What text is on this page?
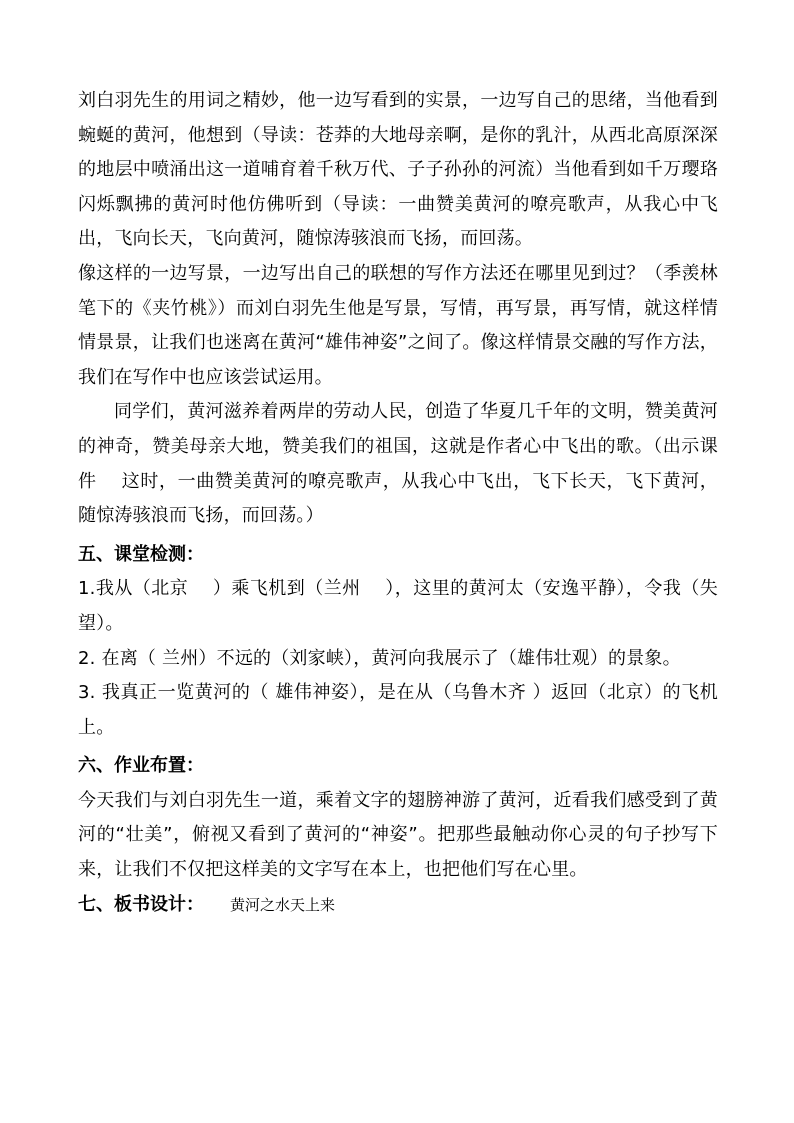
刘白羽先生的用词之精妙，他一边写看到的实景，一边写自己的思绪，当他看到蜿蜒的黄河，他想到（导读：苍莽的大地母亲啊，是你的乳汁，从西北高原深深的地层中喷涌出这一道哺育着千秋万代、子子孙孙的河流）当他看到如千万璎珞闪烁飘拂的黄河时他仿佛听到（导读：一曲赞美黄河的嘹亮歌声，从我心中飞出，飞向长天，飞向黄河，随惊涛骇浪而飞扬，而回荡。

像这样的一边写景，一边写出自己的联想的写作方法还在哪里见到过？（季羡林笔下的《夹竹桃》）而刘白羽先生他是写景，写情，再写景，再写情，就这样情情景景，让我们也迷离在黄河“雄伟神姿”之间了。像这样情景交融的写作方法，我们在写作中也应该尝试运用。

同学们，黄河滋养着两岸的劳动人民，创造了华夏几千年的文明，赞美黄河的神奇，赞美母亲大地，赞美我们的祖国，这就是作者心中飞出的歌。（出示课件　 这时，一曲赞美黄河的嘹亮歌声，从我心中飞出，飞下长天，飞下黄河，随惊涛骇浪而飞扬，而回荡。）

五、课堂检测：

1.我从（北京　 ）乘飞机到（兰州　 ），这里的黄河太（安逸平静），令我（失望）。

2. 在离（ 兰州）不远的（刘家峡），黄河向我展示了（雄伟壮观）的景象。

3. 我真正一览黄河的（ 雄伟神姿），是在从（乌鲁木齐 ）返回（北京）的飞机上。

六、作业布置：

今天我们与刘白羽先生一道，乘着文字的翅膀神游了黄河，近看我们感受到了黄河的“壮美”，俯视又看到了黄河的“神姿”。把那些最触动你心灵的句子抄写下来，让我们不仅把这样美的文字写在本上，也把他们写在心里。

七、板书设计： 黄河之水天上来
